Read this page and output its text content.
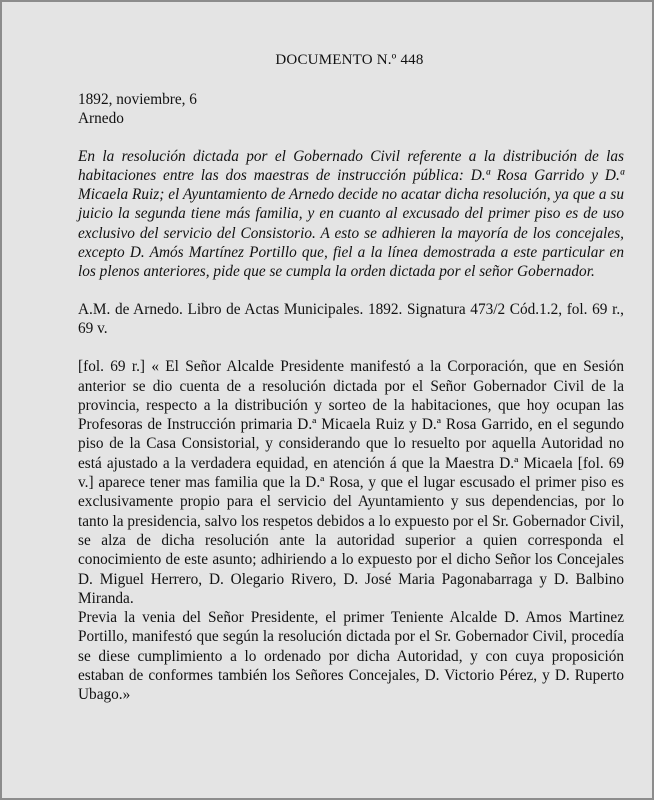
DOCUMENTO N.º 448

1892, noviembre, 6

Arnedo

En la resolución dictada por el Gobernado Civil referente a la distribución de las habitaciones entre las dos maestras de instrucción pública: D.ª Rosa Garrido y D.ª Micaela Ruiz; el Ayuntamiento de Arnedo decide no acatar dicha resolución, ya que a su juicio la segunda tiene más familia, y en cuanto al excusado del primer piso es de uso exclusivo del servicio del Consistorio. A esto se adhieren la mayoría de los concejales, excepto D. Amós Martínez Portillo que, fiel a la línea demostrada a este particular en los plenos anteriores, pide que se cumpla la orden dictada por el señor Gobernador.

A.M. de Arnedo. Libro de Actas Municipales. 1892. Signatura 473/2 Cód.1.2, fol. 69 r., 69 v.

[fol. 69 r.] « El Señor Alcalde Presidente manifestó a la Corporación, que en Sesión anterior se dio cuenta de a resolución dictada por el Señor Gobernador Civil de la provincia, respecto a la distribución y sorteo de la habitaciones, que hoy ocupan las Profesoras de Instrucción primaria D.ª Micaela Ruiz y D.ª Rosa Garrido, en el segundo piso de la Casa Consistorial, y considerando que lo resuelto por aquella Autoridad no está ajustado a la verdadera equidad, en atención á que la Maestra D.ª Micaela [fol. 69 v.] aparece tener mas familia que la D.ª Rosa, y que el lugar escusado el primer piso es exclusivamente propio para el servicio del Ayuntamiento y sus dependencias, por lo tanto la presidencia, salvo los respetos debidos a lo expuesto por el Sr. Gobernador Civil, se alza de dicha resolución ante la autoridad superior a quien corresponda el conocimiento de este asunto; adhiriendo a lo expuesto por el dicho Señor los Concejales D. Miguel Herrero, D. Olegario Rivero, D. José Maria Pagonabarraga y D. Balbino Miranda.

Previa la venia del Señor Presidente, el primer Teniente Alcalde D. Amos Martinez Portillo, manifestó que según la resolución dictada por el Sr. Gobernador Civil, procedía se diese cumplimiento a lo ordenado por dicha Autoridad, y con cuya proposición estaban de conformes también los Señores Concejales, D. Victorio Pérez, y D. Ruperto Ubago.»
